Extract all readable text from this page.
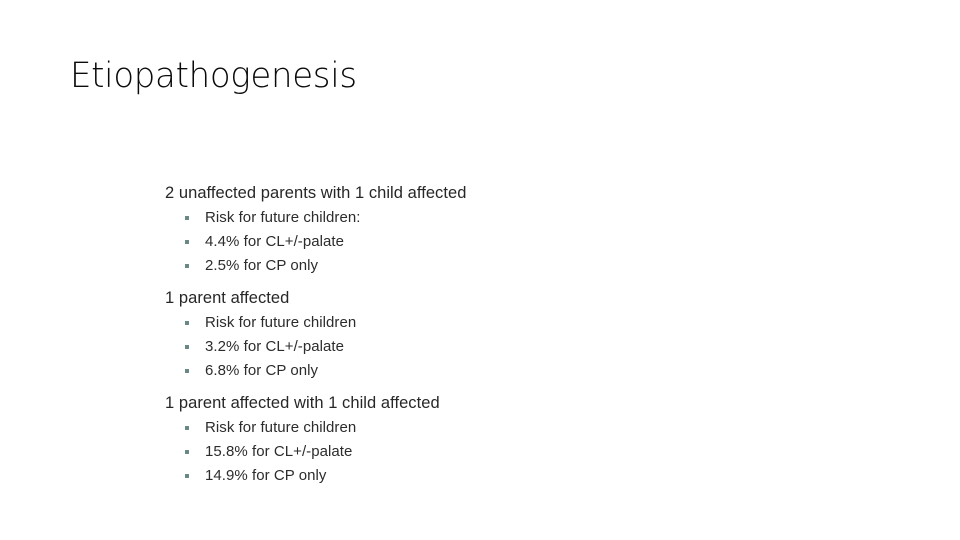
Etiopathogenesis
2 unaffected parents with 1 child affected
Risk for future children:
4.4% for CL+/-palate
2.5% for CP only
1 parent affected
Risk for future children
3.2% for CL+/-palate
6.8% for CP only
1 parent affected with 1 child affected
Risk for future children
15.8% for CL+/-palate
14.9% for CP only
